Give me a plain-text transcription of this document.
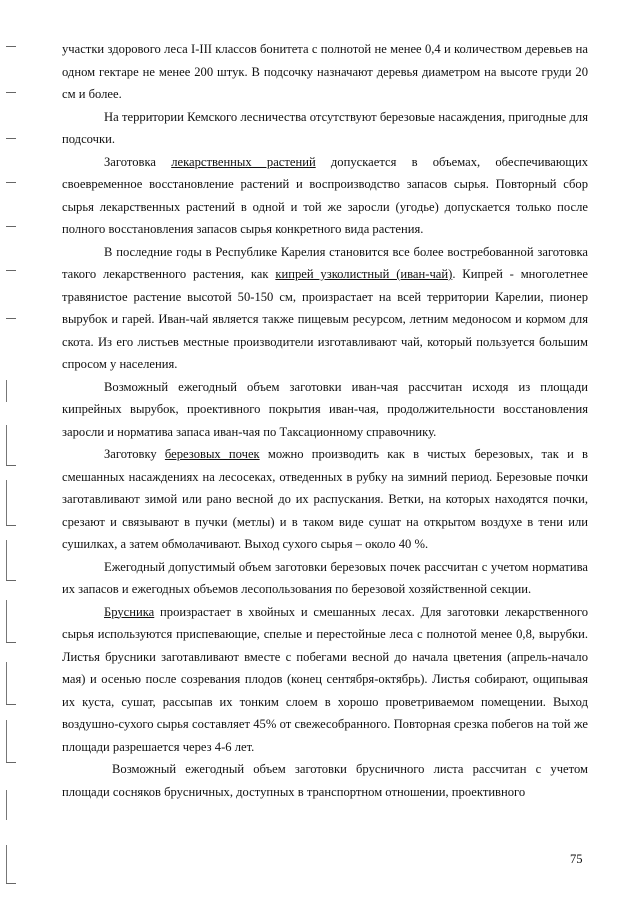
участки здорового леса I-III классов бонитета с полнотой не менее 0,4 и количеством деревьев на одном гектаре не менее 200 штук. В подсочку назначают деревья диаметром на высоте груди 20 см и более.

На территории Кемского лесничества отсутствуют березовые насаждения, пригодные для подсочки.

Заготовка лекарственных растений допускается в объемах, обеспечивающих своевременное восстановление растений и воспроизводство запасов сырья. Повторный сбор сырья лекарственных растений в одной и той же заросли (угодье) допускается только после полного восстановления запасов сырья конкретного вида растения.

В последние годы в Республике Карелия становится все более востребованной заготовка такого лекарственного растения, как кипрей узколистный (иван-чай). Кипрей - многолетнее травянистое растение высотой 50-150 см, произрастает на всей территории Карелии, пионер вырубок и гарей. Иван-чай является также пищевым ресурсом, летним медоносом и кормом для скота. Из его листьев местные производители изготавливают чай, который пользуется большим спросом у населения.

Возможный ежегодный объем заготовки иван-чая рассчитан исходя из площади кипрейных вырубок, проективного покрытия иван-чая, продолжительности восстановления заросли и норматива запаса иван-чая по Таксационному справочнику.

Заготовку березовых почек можно производить как в чистых березовых, так и в смешанных насаждениях на лесосеках, отведенных в рубку на зимний период. Березовые почки заготавливают зимой или рано весной до их распускания. Ветки, на которых находятся почки, срезают и связывают в пучки (метлы) и в таком виде сушат на открытом воздухе в тени или сушилках, а затем обмолачивают. Выход сухого сырья – около 40 %.

Ежегодный допустимый объем заготовки березовых почек рассчитан с учетом норматива их запасов и ежегодных объемов лесопользования по березовой хозяйственной секции.

Брусника произрастает в хвойных и смешанных лесах. Для заготовки лекарственного сырья используются приспевающие, спелые и перестойные леса с полнотой менее 0,8, вырубки. Листья брусники заготавливают вместе с побегами весной до начала цветения (апрель-начало мая) и осенью после созревания плодов (конец сентября-октябрь). Листья собирают, ощипывая их куста, сушат, рассыпав их тонким слоем в хорошо проветриваемом помещении. Выход воздушно-сухого сырья составляет 45% от свежесобранного. Повторная срезка побегов на той же площади разрешается через 4-6 лет.

Возможный ежегодный объем заготовки брусничного листа рассчитан с учетом площади сосняков брусничных, доступных в транспортном отношении, проективного

75
